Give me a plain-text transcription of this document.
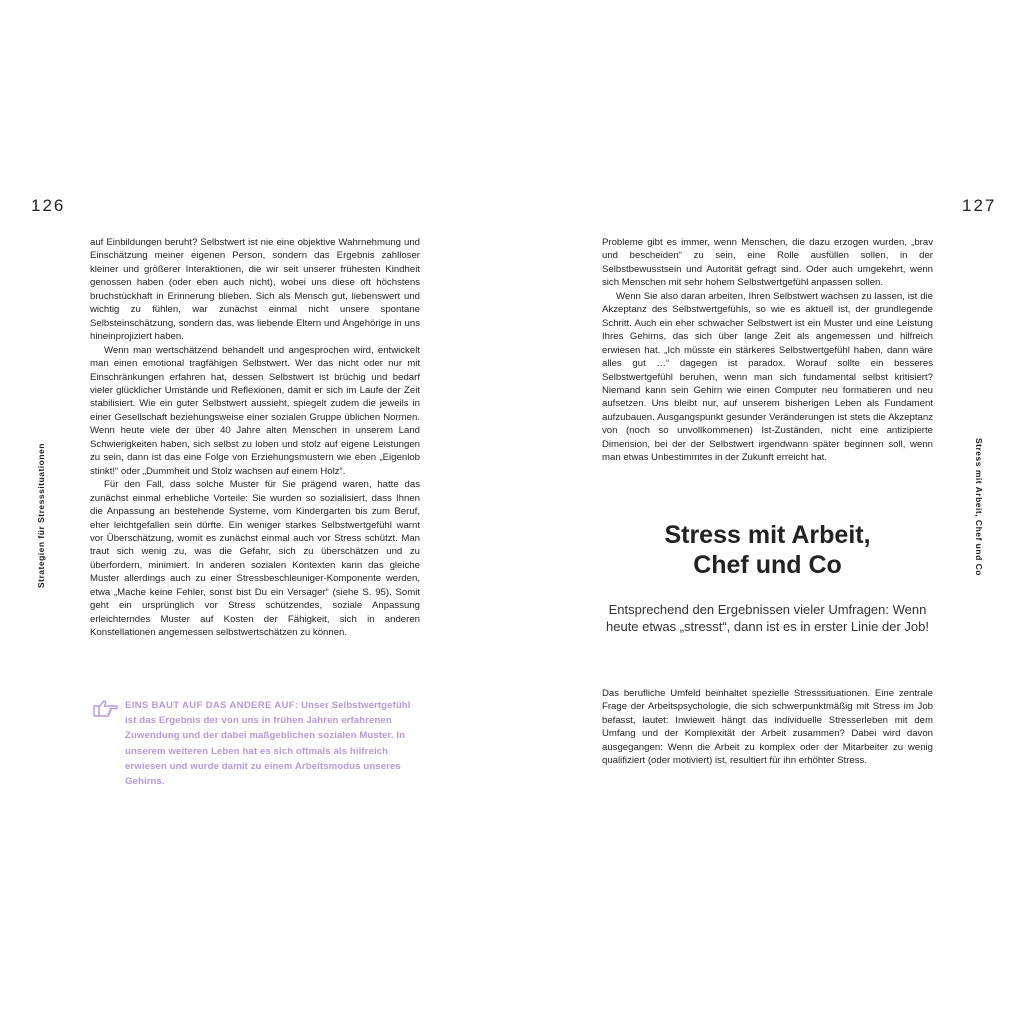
126	127
Strategien für Stresssituationen	Stress mit Arbeit, Chef und Co

auf Einbildungen beruht? Selbstwert ist nie eine objektive Wahrnehmung und Einschätzung meiner eigenen Person, sondern das Ergebnis zahlloser kleiner und größerer Interaktionen, die wir seit unserer frühesten Kindheit genossen haben (oder eben auch nicht), wobei uns diese oft höchstens bruchstückhaft in Erinnerung blieben. Sich als Mensch gut, liebenswert und wichtig zu fühlen, war zunächst einmal nicht unsere spontane Selbsteinschätzung, sondern das, was liebende Eltern und Angehörige in uns hineinprojiziert haben.

Wenn man wertschätzend behandelt und angesprochen wird, entwickelt man einen emotional tragfähigen Selbstwert. Wer das nicht oder nur mit Einschränkungen erfahren hat, dessen Selbstwert ist brüchig und bedarf vieler glücklicher Umstände und Reflexionen, damit er sich im Laufe der Zeit stabilisiert. Wie ein guter Selbstwert aussieht, spiegelt zudem die jeweils in einer Gesellschaft beziehungsweise einer sozialen Gruppe üblichen Normen. Wenn heute viele der über 40 Jahre alten Menschen in unserem Land Schwierigkeiten haben, sich selbst zu loben und stolz auf eigene Leistungen zu sein, dann ist das eine Folge von Erziehungsmustern wie eben „Eigenlob stinkt!“ oder „Dummheit und Stolz wachsen auf einem Holz“.

Für den Fall, dass solche Muster für Sie prägend waren, hatte das zunächst einmal erhebliche Vorteile: Sie wurden so sozialisiert, dass Ihnen die Anpassung an bestehende Systeme, vom Kindergarten bis zum Beruf, eher leichtgefallen sein dürfte. Ein weniger starkes Selbstwertgefühl warnt vor Überschätzung, womit es zunächst einmal auch vor Stress schützt. Man traut sich wenig zu, was die Gefahr, sich zu überschätzen und zu überfordern, minimiert. In anderen sozialen Kontexten kann das gleiche Muster allerdings auch zu einer Stressbeschleuniger-Komponente werden, etwa „Mache keine Fehler, sonst bist Du ein Versager“ (siehe S. 95). Somit geht ein ursprünglich vor Stress schützendes, soziale Anpassung erleichterndes Muster auf Kosten der Fähigkeit, sich in anderen Konstellationen angemessen selbstwertschätzen zu können.

EINS BAUT AUF DAS ANDERE AUF: Unser Selbstwertgefühl ist das Ergebnis der von uns in frühen Jahren erfahrenen Zuwendung und der dabei maßgeblichen sozialen Muster. In unserem weiteren Leben hat es sich oftmals als hilfreich erwiesen und wurde damit zu einem Arbeitsmodus unseres Gehirns.

Probleme gibt es immer, wenn Menschen, die dazu erzogen wurden, „brav und bescheiden“ zu sein, eine Rolle ausfüllen sollen, in der Selbstbewusstsein und Autorität gefragt sind. Oder auch umgekehrt, wenn sich Menschen mit sehr hohem Selbstwertgefühl anpassen sollen.

Wenn Sie also daran arbeiten, Ihren Selbstwert wachsen zu lassen, ist die Akzeptanz des Selbstwertgefühls, so wie es aktuell ist, der grundlegende Schritt. Auch ein eher schwacher Selbstwert ist ein Muster und eine Leistung Ihres Gehirns, das sich über lange Zeit als angemessen und hilfreich erwiesen hat. „Ich müsste ein stärkeres Selbstwertgefühl haben, dann wäre alles gut …“ dagegen ist paradox. Worauf sollte ein besseres Selbstwertgefühl beruhen, wenn man sich fundamental selbst kritisiert? Niemand kann sein Gehirn wie einen Computer neu formatieren und neu aufsetzen. Uns bleibt nur, auf unserem bisherigen Leben als Fundament aufzubauen. Ausgangspunkt gesunder Veränderungen ist stets die Akzeptanz von (noch so unvollkommenen) Ist-Zuständen, nicht eine antizipierte Dimension, bei der der Selbstwert irgendwann später beginnen soll, wenn man etwas Unbestimmtes in der Zukunft erreicht hat.

Stress mit Arbeit,
Chef und Co
Entsprechend den Ergebnissen vieler Umfragen: Wenn heute etwas „stresst“, dann ist es in erster Linie der Job!

Das berufliche Umfeld beinhaltet spezielle Stresssituationen. Eine zentrale Frage der Arbeitspsychologie, die sich schwerpunktmäßig mit Stress im Job befasst, lautet: Inwieweit hängt das individuelle Stresserleben mit dem Umfang und der Komplexität der Arbeit zusammen? Dabei wird davon ausgegangen: Wenn die Arbeit zu komplex oder der Mitarbeiter zu wenig qualifiziert (oder motiviert) ist, resultiert für ihn erhöhter Stress.
